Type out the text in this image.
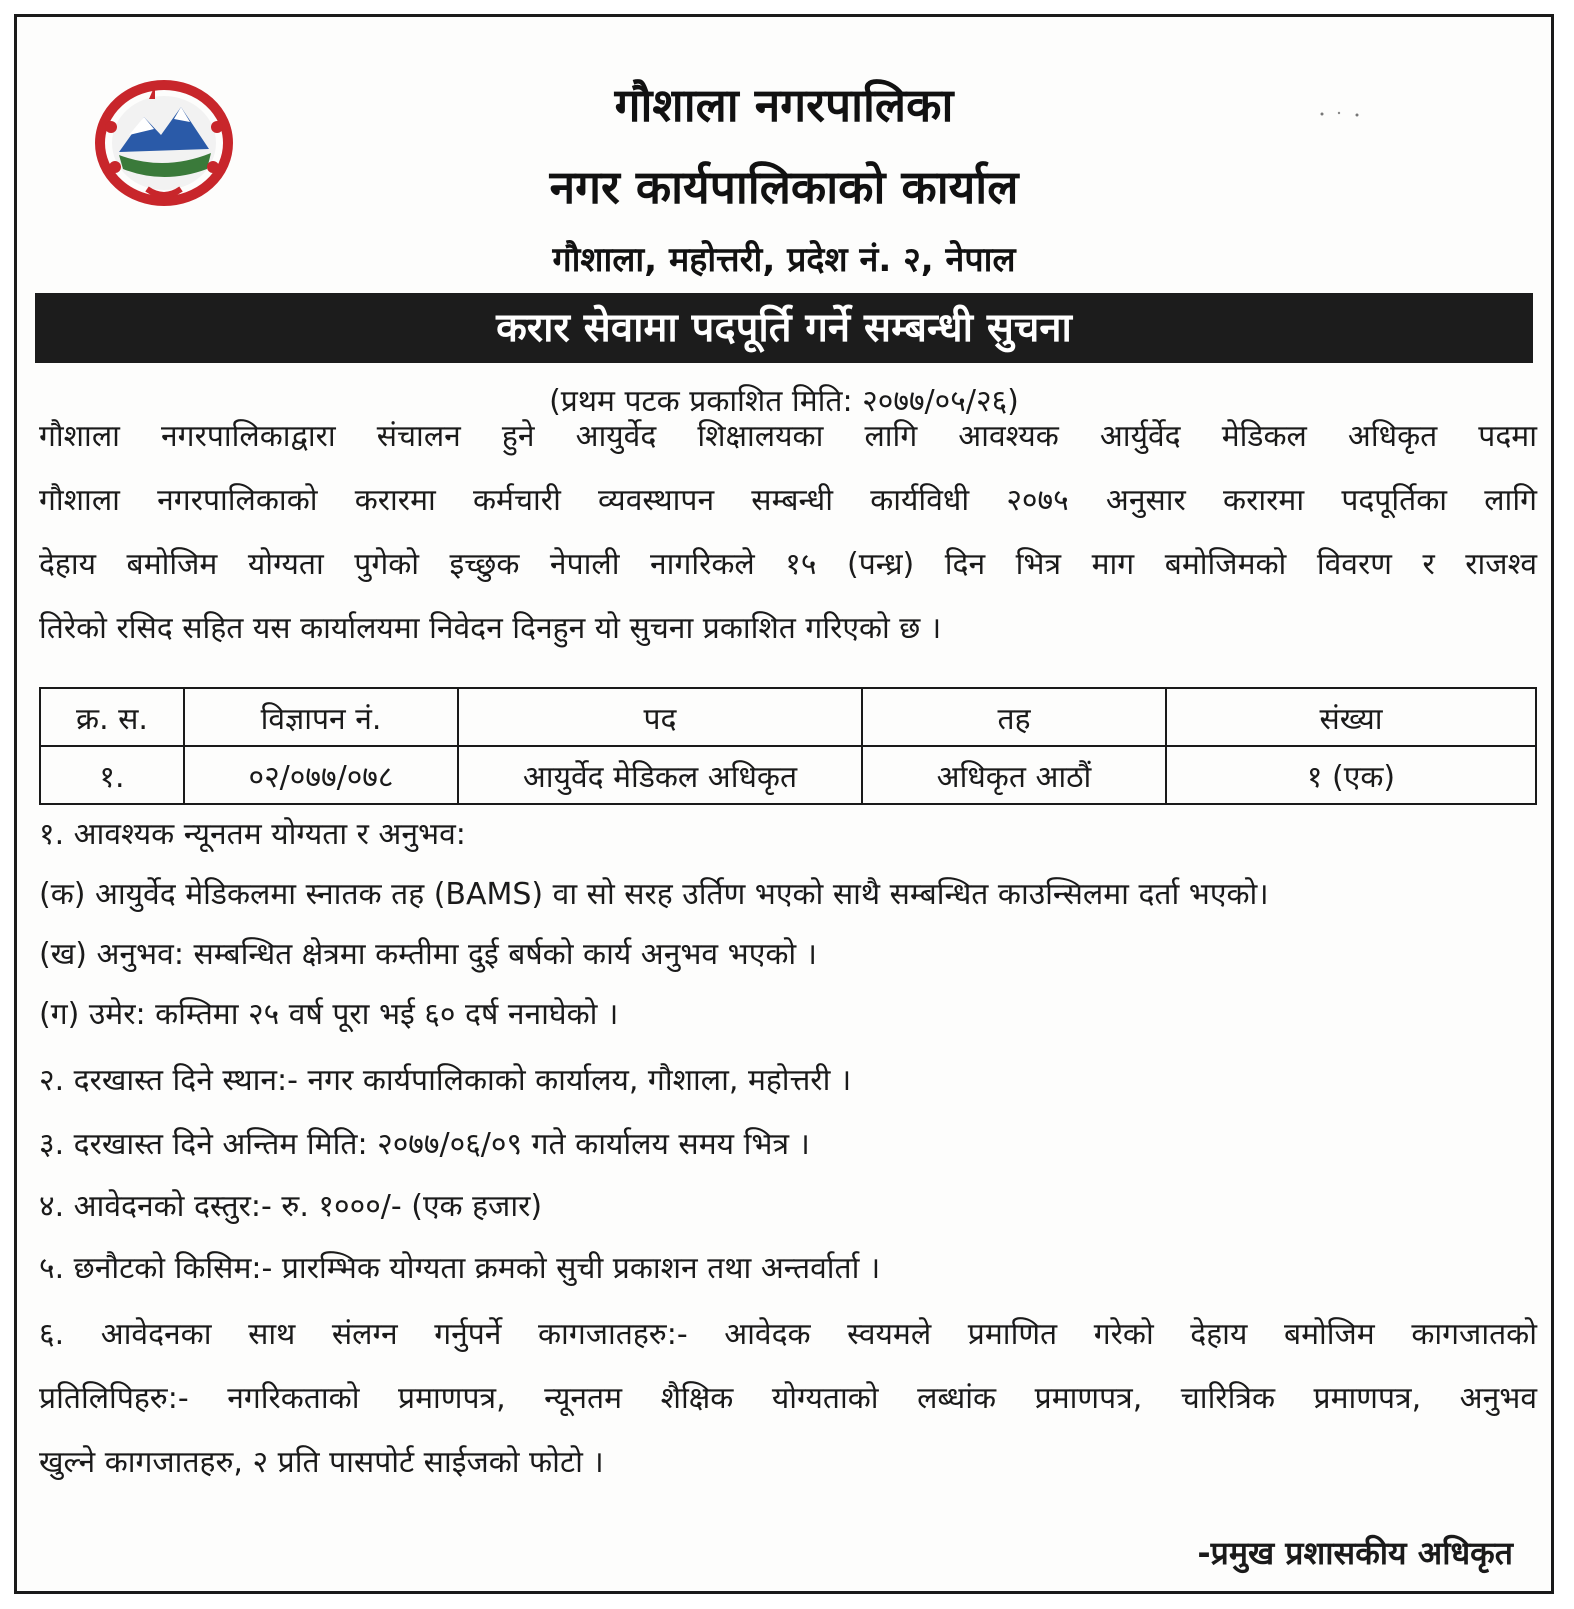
गौशाला नगरपालिका
नगर कार्यपालिकाको कार्याल
गौशाला, महोत्तरी, प्रदेश नं. २, नेपाल
करार सेवामा पदपूर्ति गर्ने सम्बन्धी सुचना
(प्रथम पटक प्रकाशित मिति: २०७७/०५/२६)
गौशाला नगरपालिकाद्वारा संचालन हुने आयुर्वेद शिक्षालयका लागि आवश्यक आर्युर्वेद मेडिकल अधिकृत पदमा
गौशाला नगरपालिकाको करारमा कर्मचारी व्यवस्थापन सम्बन्धी कार्यविधी २०७५ अनुसार करारमा पदपूर्तिका लागि
देहाय बमोजिम योग्यता पुगेको इच्छुक नेपाली नागरिकले १५ (पन्ध्र) दिन भित्र माग बमोजिमको विवरण र राजश्व
तिरेको रसिद सहित यस कार्यालयमा निवेदन दिनहुन यो सुचना प्रकाशित गरिएको छ ।
क्र. स.	विज्ञापन नं.	पद	तह	संख्या
१.	०२/०७७/०७८	आयुर्वेद मेडिकल अधिकृत	अधिकृत आठौं	१ (एक)
१. आवश्यक न्यूनतम योग्यता र अनुभव:
(क) आयुर्वेद मेडिकलमा स्नातक तह (BAMS) वा सो सरह उर्तिण भएको साथै सम्बन्धित काउन्सिलमा दर्ता भएको।
(ख) अनुभव: सम्बन्धित क्षेत्रमा कम्तीमा दुई बर्षको कार्य अनुभव भएको ।
(ग) उमेर: कम्तिमा २५ वर्ष पूरा भई ६० दर्ष ननाघेको ।
२. दरखास्त दिने स्थान:- नगर कार्यपालिकाको कार्यालय, गौशाला, महोत्तरी ।
३. दरखास्त दिने अन्तिम मिति: २०७७/०६/०९ गते कार्यालय समय भित्र ।
४. आवेदनको दस्तुर:- रु. १०००/- (एक हजार)
५. छनौटको किसिम:- प्रारम्भिक योग्यता क्रमको सुची प्रकाशन तथा अन्तर्वार्ता ।
६. आवेदनका साथ संलग्न गर्नुपर्ने कागजातहरु:- आवेदक स्वयमले प्रमाणित गरेको देहाय बमोजिम कागजातको
प्रतिलिपिहरु:- नगरिकताको प्रमाणपत्र, न्यूनतम शैक्षिक योग्यताको लब्धांक प्रमाणपत्र, चारित्रिक प्रमाणपत्र, अनुभव
खुल्ने कागजातहरु, २ प्रति पासपोर्ट साईजको फोटो ।
-प्रमुख प्रशासकीय अधिकृत
